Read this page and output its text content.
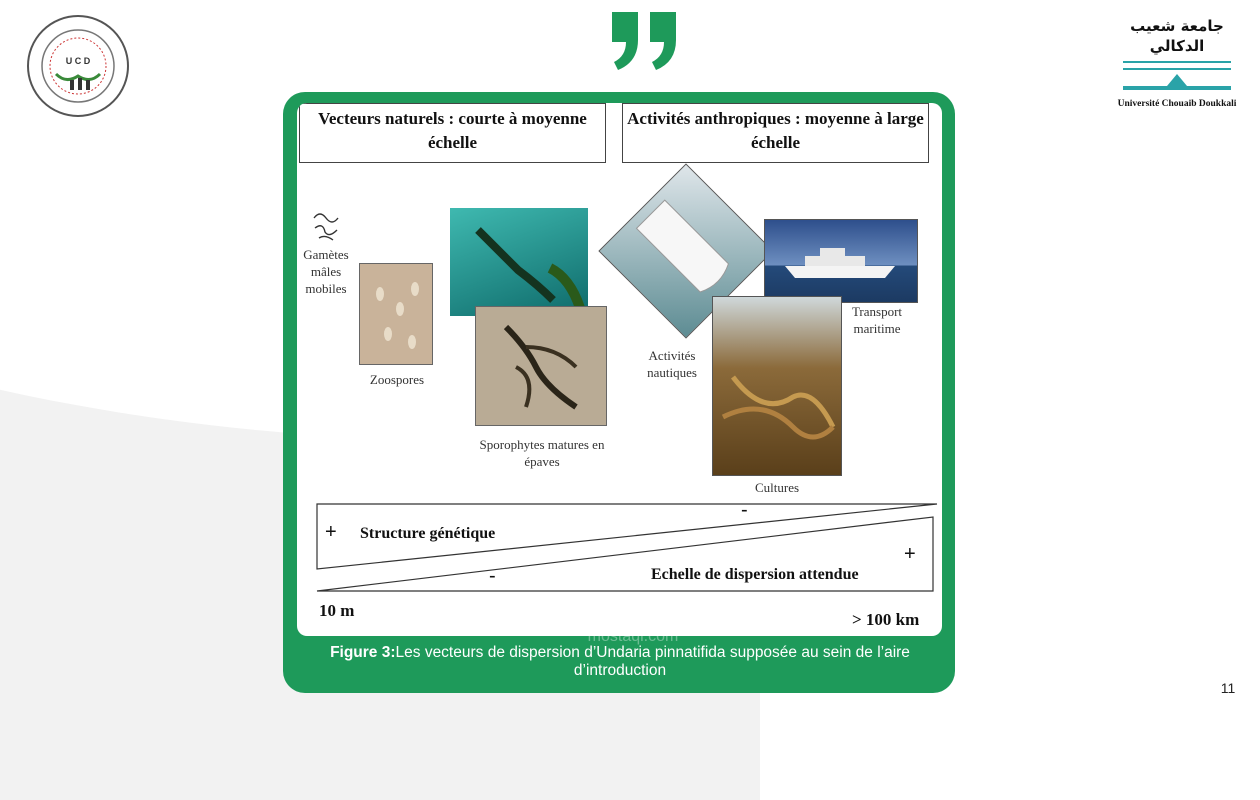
U C D
جامعة شعيب الدكالي
Université Chouaib Doukkali
Vecteurs naturels : courte à moyenne échelle
Activités anthropiques : moyenne à large échelle
Gamètes mâles mobiles
Zoospores
Sporophytes matures en épaves
Activités nautiques
Transport maritime
Cultures
+ Structure génétique
-
+
-	Echelle de dispersion attendue
10 m	> 100 km
Figure 3:Les vecteurs de dispersion d’Undaria pinnatifida supposée au sein de l’aire d’introduction
mostaql.com
11
